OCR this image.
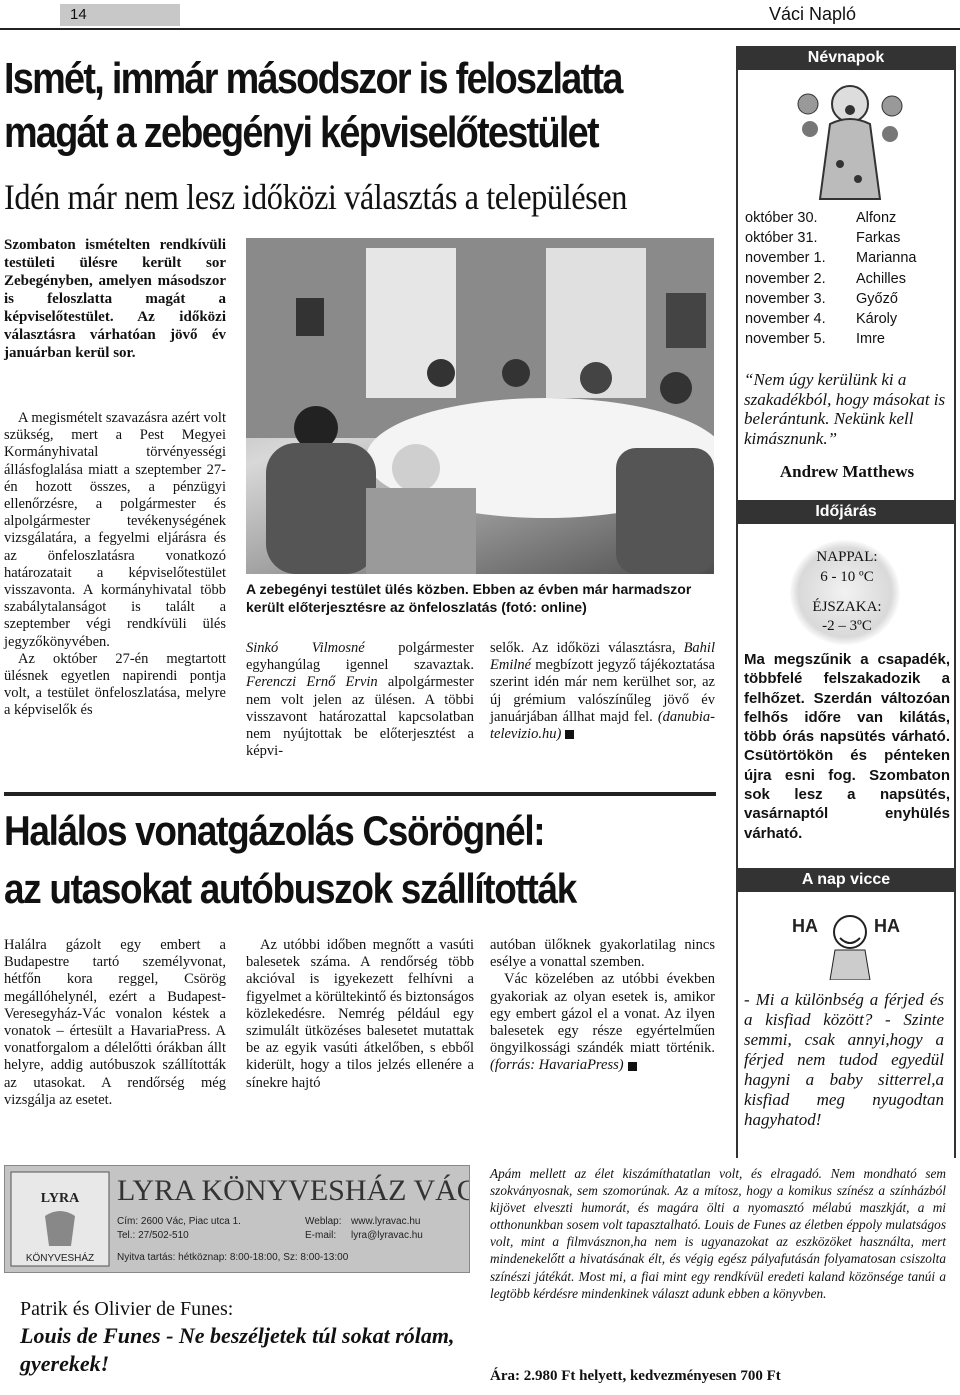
14	Váci Napló
Ismét, immár másodszor is feloszlatta
magát a zebegényi képviselőtestület
Idén már nem lesz időközi választás a településen
Szombaton ismételten rendkívüli testületi ülésre került sor Zebegényben, amelyen másodszor is feloszlatta magát a képviselőtestület. Az időközi választásra várhatóan jövő év januárban kerül sor.

A megismételt szavazásra azért volt szükség, mert a Pest Megyei Kormányhivatal törvényességi állásfoglalása miatt a szeptember 27-én hozott összes, a pénzügyi ellenőrzésre, a polgármester és alpolgármester tevékenységének vizsgálatára, a fegyelmi eljárásra és az önfeloszlatásra vonatkozó határozatait a képviselőtestület visszavonta. A kormányhivatal több szabálytalanságot is talált a szeptember végi rendkívüli ülés jegyzőkönyvében.

Az október 27-én megtartott ülésnek egyetlen napirendi pontja volt, a testület önfeloszlatása, melyre a képviselők és

A zebegényi testület ülés közben. Ebben az évben már harmadszor került előterjesztésre az önfeloszlatás (fotó: online)

Sinkó Vilmosné polgármester egyhangúlag igennel szavaztak. Ferenczi Ernő Ervin alpolgármester nem volt jelen az ülésen. A többi visszavont határozattal kapcsolatban nem nyújtottak be előterjesztést a képvi-

selők. Az időközi választásra, Bahil Emilné megbízott jegyző tájékoztatása szerint idén már nem kerülhet sor, az új grémium valószínűleg jövő év januárjában állhat majd fel. (danubia-televizio.hu)

Halálos vonatgázolás Csörögnél:
az utasokat autóbuszok szállították

Halálra gázolt egy embert a Budapestre tartó személyvonat, hétfőn kora reggel, Csörög megállóhelynél, ezért a Budapest-Veresegyház-Vác vonalon késtek a vonatok – értesült a HavariaPress. A vonatforgalom a délelőtti órákban állt helyre, addig autóbuszok szállították az utasokat. A rendőrség még vizsgálja az esetet.

Az utóbbi időben megnőtt a vasúti balesetek száma. A rendőrség több akcióval is igyekezett felhívni a figyelmet a körültekintő és biztonságos közlekedésre. Nemrég például egy szimulált ütközéses balesetet mutattak be az egyik vasúti átkelőben, s ebből kiderült, hogy a tilos jelzés ellenére a sínekre hajtó

autóban ülőknek gyakorlatilag nincs esélye a vonattal szemben.

Vác közelében az utóbbi években gyakoriak az olyan esetek is, amikor egy embert gázol el a vonat. Az ilyen balesetek egy része egyértelműen öngyilkossági szándék miatt történik. (forrás: HavariaPress)

Névnapok
október 30.	Alfonz
október 31.	Farkas
november 1.	Marianna
november 2.	Achilles
november 3.	Győző
november 4.	Károly
november 5.	Imre
“Nem úgy kerülünk ki a szakadékból, hogy másokat is belerántunk. Nekünk kell kimásznunk.”
Andrew Matthews
Időjárás
NAPPAL:
6 - 10 ºC
ÉJSZAKA:
-2 – 3ºC
Ma megszűnik a csapadék, többfelé felszakadozik a felhőzet. Szerdán változóan felhős időre van kilátás, több órás napsütés várható. Csütörtökön és pénteken újra esni fog. Szombaton sok lesz a napsütés, vasárnaptól enyhülés várható.
A nap vicce
HA	HA
- Mi a különbség a férjed és a kisfiad között? - Szinte semmi, csak annyi,hogy a férjed nem tudod egyedül hagyni a baby sitterrel,a kisfiad meg nyugodtan hagyhatod!
LYRA
KÖNYVESHÁZ
LYRA KÖNYVESHÁZ VÁC
Cím: 2600 Vác, Piac utca 1.
Tel.: 27/502-510
Weblap: www.lyravac.hu
E-mail: lyra@lyravac.hu
Nyitva tartás: hétköznap: 8:00-18:00, Sz: 8:00-13:00
Patrik és Olivier de Funes:
Louis de Funes - Ne beszéljetek túl sokat rólam, gyerekek!
Apám mellett az élet kiszámíthatatlan volt, és elragadó. Nem mondható sem szokványosnak, sem szomorúnak. Az a mítosz, hogy a komikus színész a színházból kijövet elveszti humorát, és magára ölti a nyomasztó mélabú maszkját, a mi otthonunkban sosem volt tapasztalható. Louis de Funes az életben éppoly mulatságos volt, mint a filmvásznon,ha nem is ugyanazokat az eszközöket használta, mert mindenekelőtt a hivatásának élt, és végig egész pályafutásán folyamatosan csiszolta színészi játékát. Most mi, a fiai mint egy rendkívül eredeti kaland közönsége tanúi a legtöbb kérdésre mindenkinek választ adunk ebben a könyvben.
Ára: 2.980 Ft helyett, kedvezményesen 700 Ft
